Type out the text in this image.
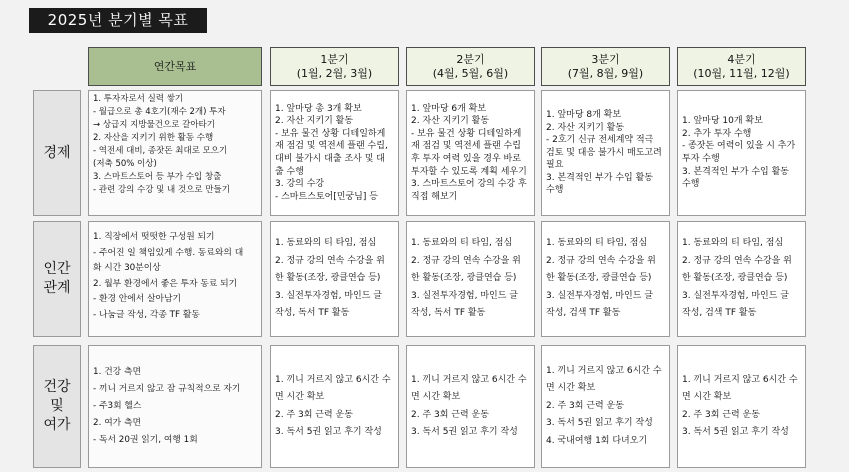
2025년 분기별 목표
연간목표
1분기
(1월, 2월, 3월)
2분기
(4월, 5월, 6월)
3분기
(7월, 8월, 9월)
4분기
(10월, 11월, 12월)
경제
1. 투자자로서 실력 쌓기
- 월급으로 총 4호기(재수 2개) 투자
→ 상급지 지방물건으로 갈아타기
2. 자산을 지키기 위한 활동 수행
- 역전세 대비, 종잣돈 최대로 모으기
(저축 50% 이상)
3. 스마트스토어 등 부가 수입 창출
- 관련 강의 수강 및 내 것으로 만들기
1. 앞마당 총 3개 확보
2. 자산 지키기 활동
- 보유 물건 상황 디테일하게
재 점검 및 역전세 플랜 수립,
대비 불가시 대출 조사 및 대
출 수행
3. 강의 수강
- 스마트스토어[민궁님] 등
1. 앞마당 6개 확보
2. 자산 지키기 활동
- 보유 물건 상황 디테일하게
재 점검 및 역전세 플랜 수립
후 투자 여력 있을 경우 바로
투자할 수 있도록 계획 세우기
3. 스마트스토어 강의 수강 후
직접 해보기
1. 앞마당 8개 확보
2. 자산 지키기 활동
- 2호기 신규 전세계약 적극
검토 및 대응 불가시 매도고려
필요
3. 본격적인 부가 수입 활동
수행
1. 앞마당 10개 확보
2. 추가 투자 수행
- 종잣돈 여력이 있을 시 추가
투자 수행
3. 본격적인 부가 수입 활동
수행
인간
관계
1. 직장에서 떳떳한 구성원 되기
- 주어진 일 책임있게 수행. 동료와의 대
화 시간 30분이상
2. 월부 환경에서 좋은 투자 동료 되기
- 환경 안에서 살아남기
- 나눔글 작성, 각종 TF 활동
1. 동료와의 티 타임, 점심
2. 정규 강의 연속 수강을 위
한 활동(조장, 광클연습 등)
3. 실전투자경험, 마인드 글
작성, 독서 TF 활동
1. 동료와의 티 타임, 점심
2. 정규 강의 연속 수강을 위
한 활동(조장, 광클연습 등)
3. 실전투자경험, 마인드 글
작성, 독서 TF 활동
1. 동료와의 티 타임, 점심
2. 정규 강의 연속 수강을 위
한 활동(조장, 광클연습 등)
3. 실전투자경험, 마인드 글
작성, 검색 TF 활동
1. 동료와의 티 타임, 점심
2. 정규 강의 연속 수강을 위
한 활동(조장, 광클연습 등)
3. 실전투자경험, 마인드 글
작성, 검색 TF 활동
건강
및
여가
1. 건강 측면
- 끼니 거르지 않고 잠 규칙적으로 자기
- 주3회 헬스
2. 여가 측면
- 독서 20권 읽기, 여행 1회
1. 끼니 거르지 않고 6시간 수
면 시간 확보
2. 주 3회 근력 운동
3. 독서 5권 읽고 후기 작성
1. 끼니 거르지 않고 6시간 수
면 시간 확보
2. 주 3회 근력 운동
3. 독서 5권 읽고 후기 작성
1. 끼니 거르지 않고 6시간 수
면 시간 확보
2. 주 3회 근력 운동
3. 독서 5권 읽고 후기 작성
4. 국내여행 1회 다녀오기
1. 끼니 거르지 않고 6시간 수
면 시간 확보
2. 주 3회 근력 운동
3. 독서 5권 읽고 후기 작성
